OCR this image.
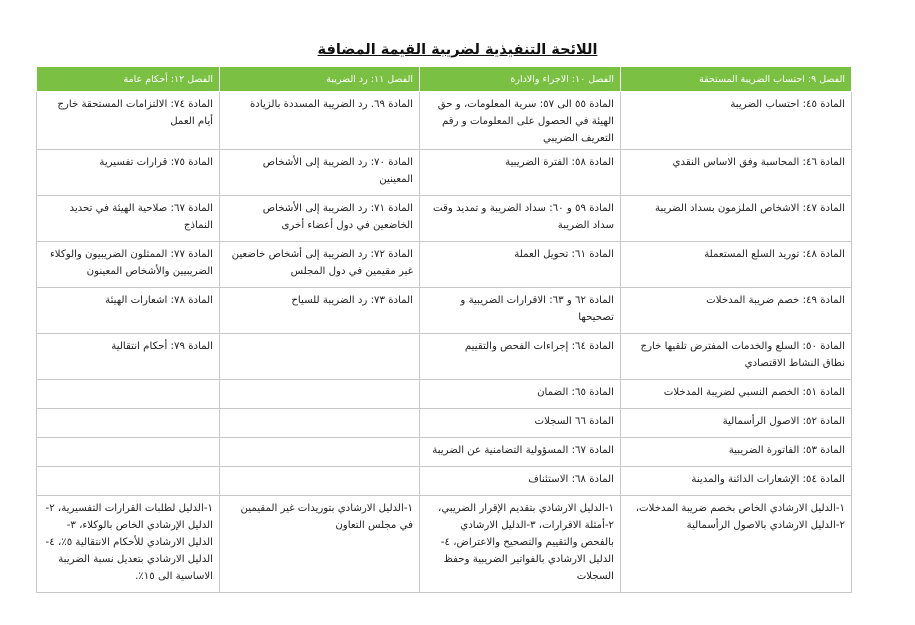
اللائحة التنفيذية لضريبة القيمة المضافة
الفصل ٩: احتساب الضريبة المستحقة	الفصل ١٠: الاجراء والادارة	الفصل ١١: رد الضريبة	الفصل ١٢: أحكام عامة
المادة ٤٥: احتساب الضريبة	المادة ٥٥ الى ٥٧: سرية المعلومات، و حق الهيئة في الحصول على المعلومات و رقم التعريف الضريبي	المادة ٦٩. رد الضريبة المسددة بالزيادة	المادة ٧٤: الالتزامات المستحقة خارج أيام العمل
المادة ٤٦: المحاسبة وفق الاساس النقدي	المادة ٥٨: الفترة الضريبية	المادة ٧٠: رد الضريبة إلى الأشخاص المعينين	المادة ٧٥: قرارات تفسيرية
المادة ٤٧: الاشخاص الملزمون بسداد الضريبة	المادة ٥٩ و ٦٠: سداد الضريبة و تمديد وقت سداد الضريبة	المادة ٧١: رد الضريبة إلى الأشخاص الخاضعين في دول أعضاء أخرى	المادة ٦٧: صلاحية الهيئة في تحديد النماذج
المادة ٤٨: توريد السلع المستعملة	المادة ٦١: تحويل العملة	المادة ٧٢: رد الضريبة إلى أشخاص خاضعين غير مقيمين في دول المجلس	المادة ٧٧: الممثلون الضريبيون والوكلاء الضريبيين والأشخاص المعينون
المادة ٤٩: خصم ضريبة المدخلات	المادة ٦٢ و ٦٣: الاقرارات الضريبية و تصحيحها	المادة ٧٣: رد الضريبة للسياح	المادة ٧٨: اشعارات الهيئة
المادة ٥٠: السلع والخدمات المفترض تلقيها خارج نطاق النشاط الاقتصادي	المادة ٦٤: إجراءات الفحص والتقييم		المادة ٧٩: أحكام انتقالية
المادة ٥١: الخصم النسبي لضريبة المدخلات	المادة ٦٥: الضمان		
المادة ٥٢: الاصول الرأسمالية	المادة ٦٦ السجلات		
المادة ٥٣: الفاتورة الضريبية	المادة ٦٧: المسؤولية التضامنية عن الضريبة		
المادة ٥٤: الإشعارات الدائنة والمدينة	المادة ٦٨: الاستئناف		
١-الدليل الارشادي الخاص بخصم ضريبة المدخلات، ٢-الدليل الارشادي بالاصول الرأسمالية	١-الدليل الارشادي بتقديم الإقرار الضريبي، ٢-أمثلة الاقرارات، ٣-الدليل الارشادي بالفحص والتقييم والتصحيح والاعتراض، ٤-الدليل الارشادي بالفواتير الضريبية وحفظ السجلات	١-الدليل الارشادي بتوريدات غير المقيمين في مجلس التعاون	١-الدليل لطلبات القرارات التفسيرية، ٢-الدليل الإرشادي الخاص بالوكلاء، ٣-الدليل الارشادي للأحكام الانتقالية ٥٪، ٤-الدليل الارشادي بتعديل نسبة الضريبة الاساسية الى ١٥٪.
